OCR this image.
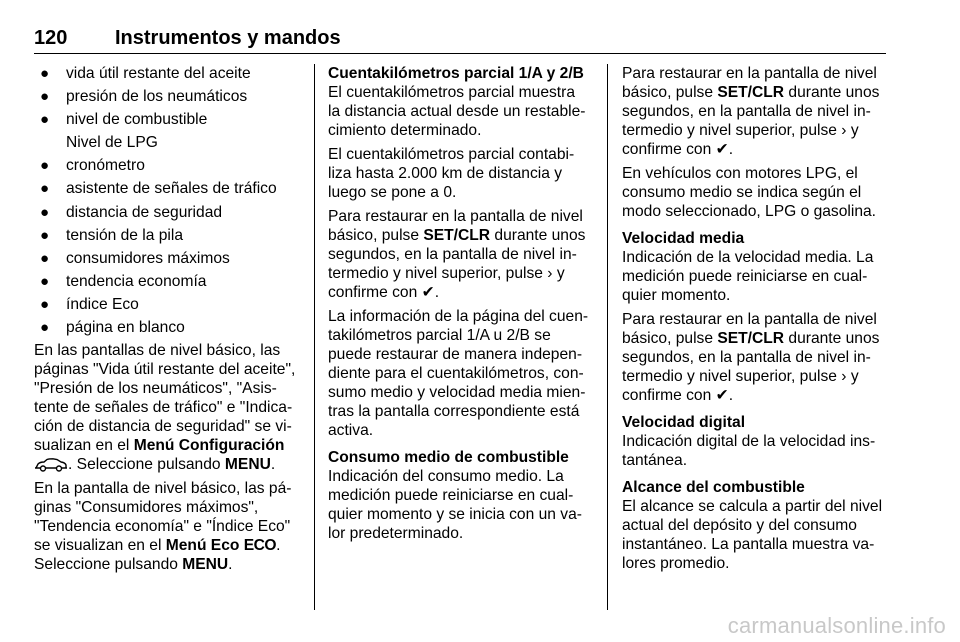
120 Instrumentos y mandos
● vida útil restante del aceite
● presión de los neumáticos
● nivel de combustible
Nivel de LPG
● cronómetro
● asistente de señales de tráfico
● distancia de seguridad
● tensión de la pila
● consumidores máximos
● tendencia economía
● índice Eco
● página en blanco

En las pantallas de nivel básico, las páginas "Vida útil restante del aceite", "Presión de los neumáticos", "Asistente de señales de tráfico" e "Indicación de distancia de seguridad" se visualizan en el Menú Configuración
. Seleccione pulsando MENU.

En la pantalla de nivel básico, las páginas "Consumidores máximos", "Tendencia economía" e "Índice Eco" se visualizan en el Menú Eco ECO.
Seleccione pulsando MENU.

Cuentakilómetros parcial 1/A y 2/B

El cuentakilómetros parcial muestra la distancia actual desde un restablecimiento determinado.

El cuentakilómetros parcial contabiliza hasta 2.000 km de distancia y luego se pone a 0.

Para restaurar en la pantalla de nivel básico, pulse SET/CLR durante unos segundos, en la pantalla de nivel intermedio y nivel superior, pulse › y confirme con ✔.

La información de la página del cuentakilómetros parcial 1/A u 2/B se puede restaurar de manera independiente para el cuentakilómetros, consumo medio y velocidad media mientras la pantalla correspondiente está activa.

Consumo medio de combustible

Indicación del consumo medio. La medición puede reiniciarse en cualquier momento y se inicia con un valor predeterminado.

Para restaurar en la pantalla de nivel básico, pulse SET/CLR durante unos segundos, en la pantalla de nivel intermedio y nivel superior, pulse › y confirme con ✔.

En vehículos con motores LPG, el consumo medio se indica según el modo seleccionado, LPG o gasolina.

Velocidad media

Indicación de la velocidad media. La medición puede reiniciarse en cualquier momento.

Para restaurar en la pantalla de nivel básico, pulse SET/CLR durante unos segundos, en la pantalla de nivel intermedio y nivel superior, pulse › y confirme con ✔.

Velocidad digital

Indicación digital de la velocidad instantánea.

Alcance del combustible

El alcance se calcula a partir del nivel actual del depósito y del consumo instantáneo. La pantalla muestra valores promedio.

carmanualsonline.info
